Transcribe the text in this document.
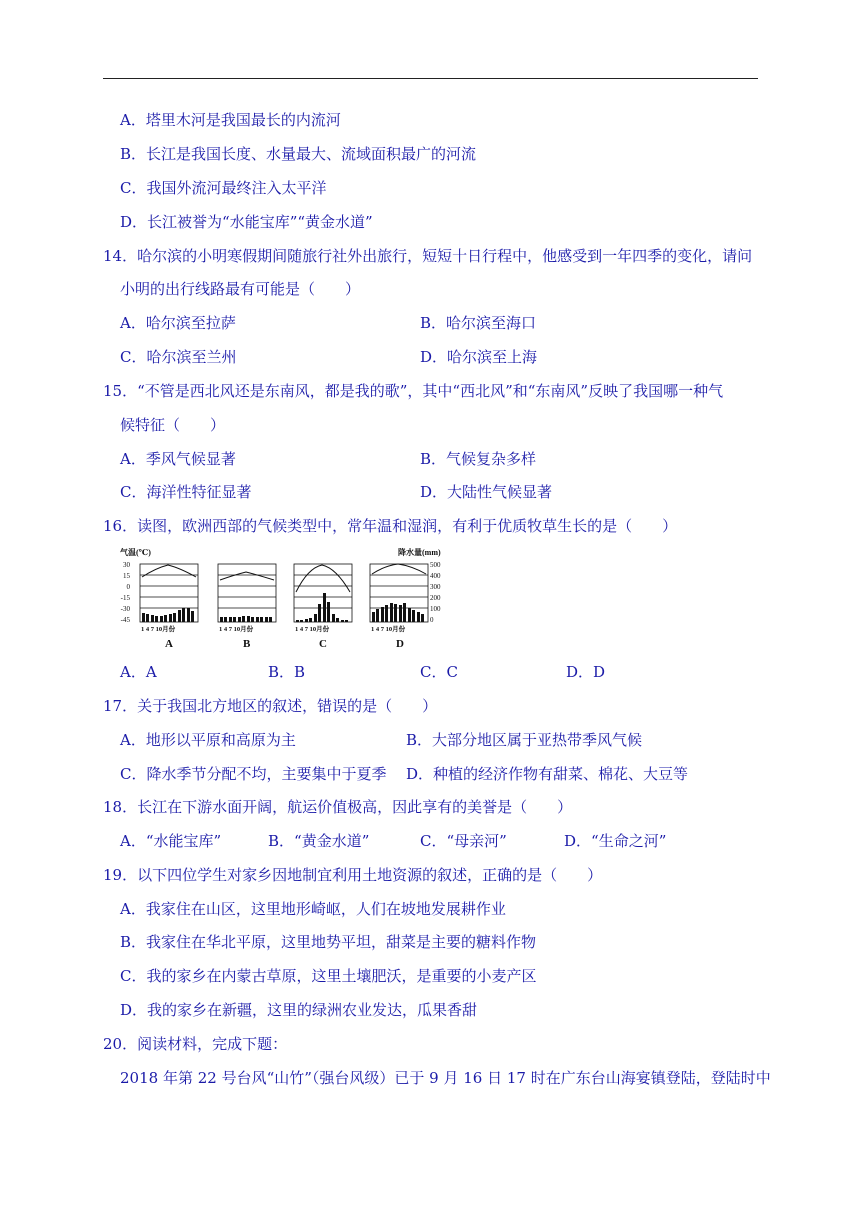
A．塔里木河是我国最长的内流河
B．长江是我国长度、水量最大、流域面积最广的河流
C．我国外流河最终注入太平洋
D．长江被誉为“水能宝库”“黄金水道”
14．哈尔滨的小明寒假期间随旅行社外出旅行，短短十日行程中，他感受到一年四季的变化，请问
小明的出行线路最有可能是（　　）
A．哈尔滨至拉萨	B．哈尔滨至海口
C．哈尔滨至兰州	D．哈尔滨至上海
15．“不管是西北风还是东南风，都是我的歌”，其中“西北风”和“东南风”反映了我国哪一种气
候特征（　　）
A．季风气候显著	B．气候复杂多样
C．海洋性特征显著	D．大陆性气候显著
16．读图，欧洲西部的气候类型中，常年温和湿润，有利于优质牧草生长的是（　　）
气温(℃)	降水量(mm)
30
15
0
-15
-30
-45
500
400
300
200
100
0
1 4 7 10月份	1 4 7 10月份	1 4 7 10月份	1 4 7 10月份
A	B	C	D
A．A	B．B	C．C	D．D
17．关于我国北方地区的叙述，错误的是（　　）
A．地形以平原和高原为主	B．大部分地区属于亚热带季风气候
C．降水季节分配不均，主要集中于夏季 D．种植的经济作物有甜菜、棉花、大豆等
18．长江在下游水面开阔，航运价值极高，因此享有的美誉是（　　）
A．“水能宝库”	B．“黄金水道”	C．“母亲河”	D．“生命之河”
19．以下四位学生对家乡因地制宜利用土地资源的叙述，正确的是（　　）
A．我家住在山区，这里地形崎岖，人们在坡地发展耕作业
B．我家住在华北平原，这里地势平坦，甜菜是主要的糖料作物
C．我的家乡在内蒙古草原，这里土壤肥沃，是重要的小麦产区
D．我的家乡在新疆，这里的绿洲农业发达，瓜果香甜
20．阅读材料，完成下题：
2018 年第 22 号台风“山竹”（强台风级）已于 9 月 16 日 17 时在广东台山海宴镇登陆，登陆时中
